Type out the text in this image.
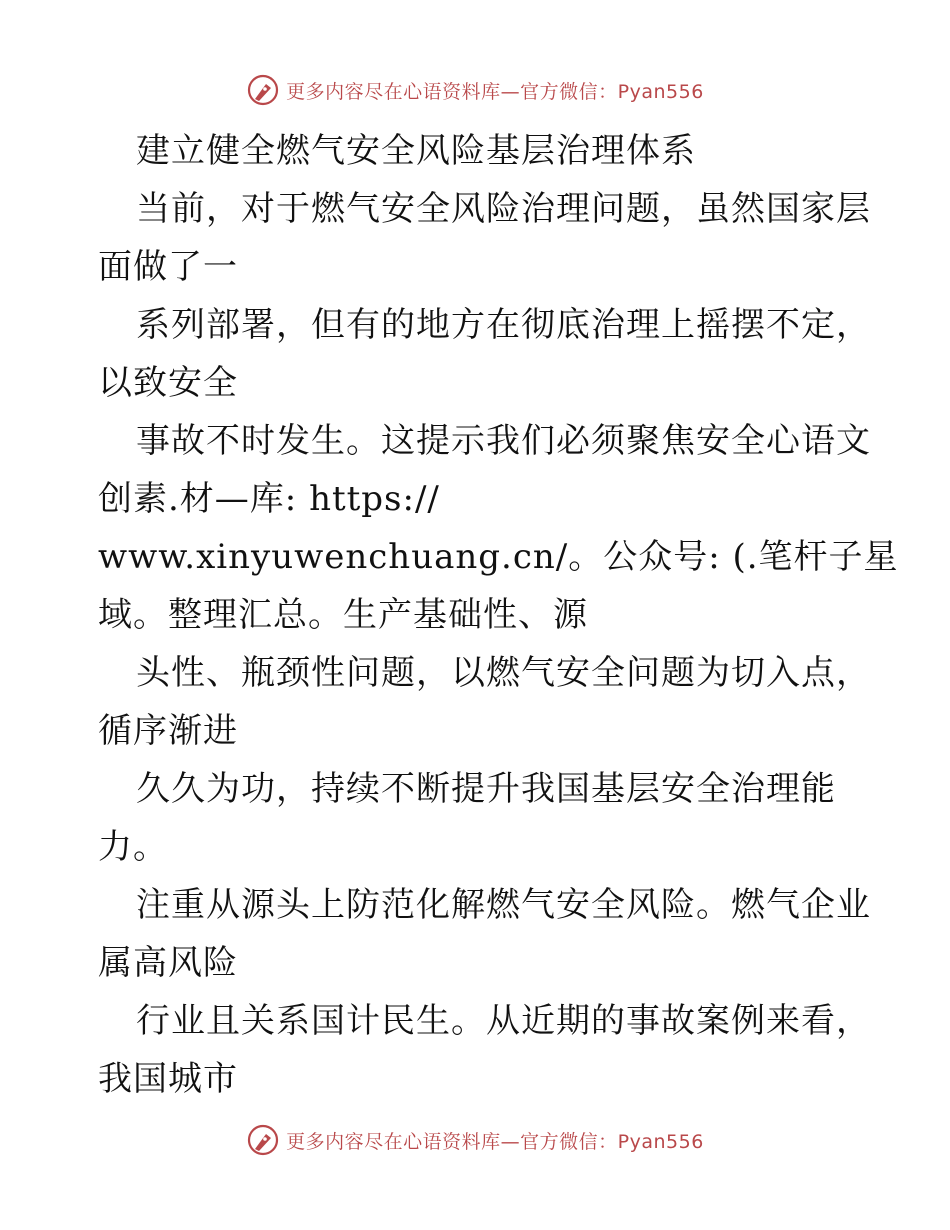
更多内容尽在心语资料库—官方微信：Pyan556
建立健全燃气安全风险基层治理体系
当前，对于燃气安全风险治理问题，虽然国家层
面做了一
系列部署，但有的地方在彻底治理上摇摆不定，
以致安全
事故不时发生。这提示我们必须聚焦安全心语文
创素.材—库: https://
www.xinyuwenchuang.cn/。公众号: (.笔杆子星
域。整理汇总。生产基础性、源
头性、瓶颈性问题，以燃气安全问题为切入点，
循序渐进
久久为功，持续不断提升我国基层安全治理能
力。
注重从源头上防范化解燃气安全风险。燃气企业
属高风险
行业且关系国计民生。从近期的事故案例来看，
我国城市
更多内容尽在心语资料库—官方微信：Pyan556
